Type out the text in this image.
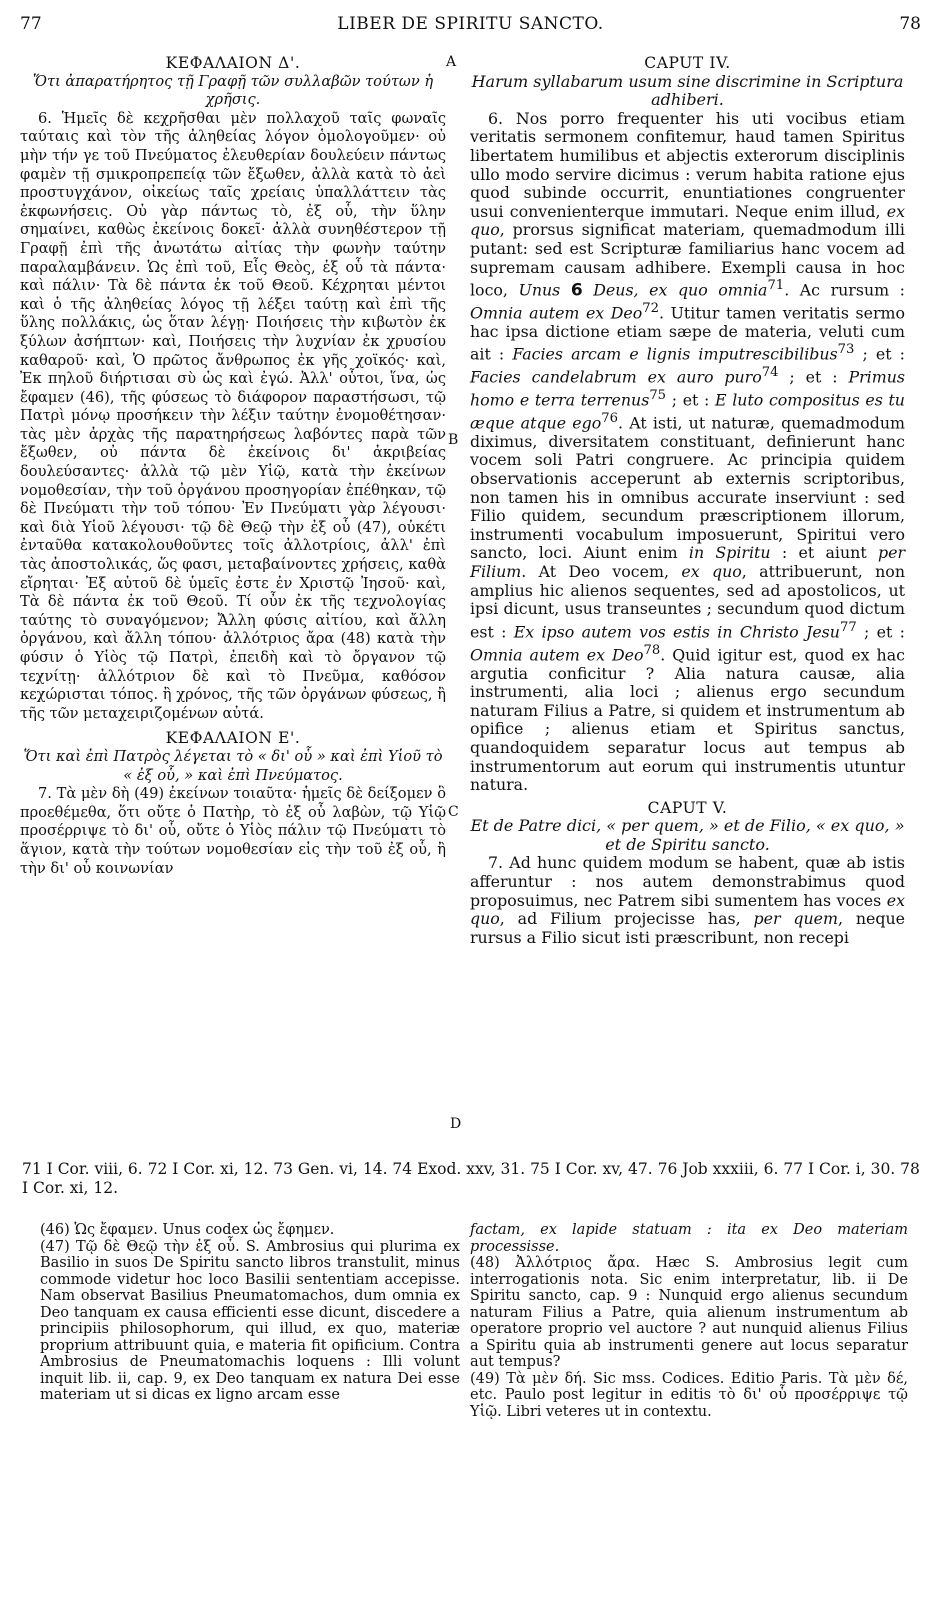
77	LIBER DE SPIRITU SANCTO.	78
A
B
C
D

ΚΕΦΑΛΑΙΟΝ Δ'.

Ὅτι ἀπαρατήρητος τῇ Γραφῇ τῶν συλλαβῶν τούτων ἡ χρῆσις.

6. Ἡμεῖς δὲ κεχρῆσθαι μὲν πολλαχοῦ ταῖς φωναῖς ταύταις καὶ τὸν τῆς ἀληθείας λόγον ὁμολογοῦμεν· οὐ μὴν τήν γε τοῦ Πνεύματος ἐλευθερίαν δουλεύειν πάντως φαμὲν τῇ σμικροπρεπείᾳ τῶν ἔξωθεν, ἀλλὰ κατὰ τὸ ἀεὶ προστυγχάνον, οἰκείως ταῖς χρείαις ὑπαλλάττειν τὰς ἐκφωνήσεις. Οὐ γὰρ πάντως τὸ, ἐξ οὗ, τὴν ὕλην σημαίνει, καθὼς ἐκείνοις δοκεῖ· ἀλλὰ συνηθέστερον τῇ Γραφῇ ἐπὶ τῆς ἀνωτάτω αἰτίας τὴν φωνὴν ταύτην παραλαμβάνειν. Ὡς ἐπὶ τοῦ, Εἷς Θεὸς, ἐξ οὗ τὰ πάντα· καὶ πάλιν· Τὰ δὲ πάντα ἐκ τοῦ Θεοῦ. Κέχρηται μέντοι καὶ ὁ τῆς ἀληθείας λόγος τῇ λέξει ταύτῃ καὶ ἐπὶ τῆς ὕλης πολλάκις, ὡς ὅταν λέγῃ· Ποιήσεις τὴν κιβωτὸν ἐκ ξύλων ἀσήπτων· καὶ, Ποιήσεις τὴν λυχνίαν ἐκ χρυσίου καθαροῦ· καὶ, Ὁ πρῶτος ἄνθρωπος ἐκ γῆς χοϊκός· καὶ, Ἐκ πηλοῦ διήρτισαι σὺ ὡς καὶ ἐγώ. Ἀλλ' οὗτοι, ἵνα, ὡς ἔφαμεν (46), τῆς φύσεως τὸ διάφορον παραστήσωσι, τῷ Πατρὶ μόνῳ προσήκειν τὴν λέξιν ταύτην ἐνομοθέτησαν· τὰς μὲν ἀρχὰς τῆς παρατηρήσεως λαβόντες παρὰ τῶν ἔξωθεν, οὐ πάντα δὲ ἐκείνοις δι' ἀκριβείας δουλεύσαντες· ἀλλὰ τῷ μὲν Υἱῷ, κατὰ τὴν ἐκείνων νομοθεσίαν, τὴν τοῦ ὀργάνου προσηγορίαν ἐπέθηκαν, τῷ δὲ Πνεύματι τὴν τοῦ τόπου· Ἐν Πνεύματι γὰρ λέγουσι· καὶ διὰ Υἱοῦ λέγουσι· τῷ δὲ Θεῷ τὴν ἐξ οὗ (47), οὐκέτι ἐνταῦθα κατακολουθοῦντες τοῖς ἀλλοτρίοις, ἀλλ' ἐπὶ τὰς ἀποστολικάς, ὥς φασι, μεταβαίνοντες χρήσεις, καθὰ εἴρηται· Ἐξ αὐτοῦ δὲ ὑμεῖς ἐστε ἐν Χριστῷ Ἰησοῦ· καὶ, Τὰ δὲ πάντα ἐκ τοῦ Θεοῦ. Τί οὖν ἐκ τῆς τεχνολογίας ταύτης τὸ συναγόμενον; Ἄλλη φύσις αἰτίου, καὶ ἄλλη ὀργάνου, καὶ ἄλλη τόπου· ἀλλότριος ἄρα (48) κατὰ τὴν φύσιν ὁ Υἱὸς τῷ Πατρὶ, ἐπειδὴ καὶ τὸ ὄργανον τῷ τεχνίτῃ· ἀλλότριον δὲ καὶ τὸ Πνεῦμα, καθόσον κεχώρισται τόπος. ἢ χρόνος, τῆς τῶν ὀργάνων φύσεως, ἢ τῆς τῶν μεταχειριζομένων αὐτά.

ΚΕΦΑΛΑΙΟΝ Ε'.

Ὅτι καὶ ἐπὶ Πατρὸς λέγεται τὸ « δι' οὗ » καὶ ἐπὶ Υἱοῦ τὸ « ἐξ οὗ, » καὶ ἐπὶ Πνεύματος.

7. Τὰ μὲν δὴ (49) ἐκείνων τοιαῦτα· ἡμεῖς δὲ δείξομεν ὃ προεθέμεθα, ὅτι οὔτε ὁ Πατὴρ, τὸ ἐξ οὗ λαβὼν, τῷ Υἱῷ προσέρριψε τὸ δι' οὗ, οὔτε ὁ Υἱὸς πάλιν τῷ Πνεύματι τὸ ἅγιον, κατὰ τὴν τούτων νομοθεσίαν εἰς τὴν τοῦ ἐξ οὗ, ἢ τὴν δι' οὗ κοινωνίαν

CAPUT IV.

Harum syllabarum usum sine discrimine in Scriptura adhiberi.

6. Nos porro frequenter his uti vocibus etiam veritatis sermonem confitemur, haud tamen Spiritus libertatem humilibus et abjectis exterorum disciplinis ullo modo servire dicimus : verum habita ratione ejus quod subinde occurrit, enuntiationes congruenter usui convenienterque immutari. Neque enim illud, ex quo, prorsus significat materiam, quemadmodum illi putant: sed est Scripturæ familiarius hanc vocem ad supremam causam adhibere. Exempli causa in hoc loco, Unus 6 Deus, ex quo omnia$^{71}$. Ac rursum : Omnia autem ex Deo$^{72}$. Utitur tamen veritatis sermo hac ipsa dictione etiam sæpe de materia, veluti cum ait : Facies arcam e lignis imputrescibilibus$^{73}$ ; et : Facies candelabrum ex auro puro$^{74}$ ; et : Primus homo e terra terrenus$^{75}$ ; et : E luto compositus es tu æque atque ego$^{76}$. At isti, ut naturæ, quemadmodum diximus, diversitatem constituant, definierunt hanc vocem soli Patri congruere. Ac principia quidem observationis acceperunt ab externis scriptoribus, non tamen his in omnibus accurate inserviunt : sed Filio quidem, secundum præscriptionem illorum, instrumenti vocabulum imposuerunt, Spiritui vero sancto, loci. Aiunt enim in Spiritu : et aiunt per Filium. At Deo vocem, ex quo, attribuerunt, non amplius hic alienos sequentes, sed ad apostolicos, ut ipsi dicunt, usus transeuntes ; secundum quod dictum est : Ex ipso autem vos estis in Christo Jesu$^{77}$ ; et : Omnia autem ex Deo$^{78}$. Quid igitur est, quod ex hac argutia conficitur ? Alia natura causæ, alia instrumenti, alia loci ; alienus ergo secundum naturam Filius a Patre, si quidem et instrumentum ab opifice ; alienus etiam et Spiritus sanctus, quandoquidem separatur locus aut tempus ab instrumentorum aut eorum qui instrumentis utuntur natura.

CAPUT V.

Et de Patre dici, « per quem, » et de Filio, « ex quo, » et de Spiritu sancto.

7. Ad hunc quidem modum se habent, quæ ab istis afferuntur : nos autem demonstrabimus quod proposuimus, nec Patrem sibi sumentem has voces ex quo, ad Filium projecisse has, per quem, neque rursus a Filio sicut isti præscribunt, non recepi

71 I Cor. viii, 6. 72 I Cor. xi, 12. 73 Gen. vi, 14. 74 Exod. xxv, 31. 75 I Cor. xv, 47. 76 Job xxxiii, 6. 77 I Cor. i, 30. 78 I Cor. xi, 12.

(46) Ὡς ἔφαμεν. Unus codex ὡς ἔφημεν.

(47) Τῷ δὲ Θεῷ τὴν ἐξ οὗ. S. Ambrosius qui plurima ex Basilio in suos De Spiritu sancto libros transtulit, minus commode videtur hoc loco Basilii sententiam accepisse. Nam observat Basilius Pneumatomachos, dum omnia ex Deo tanquam ex causa efficienti esse dicunt, discedere a principiis philosophorum, qui illud, ex quo, materiæ proprium attribuunt quia, e materia fit opificium. Contra Ambrosius de Pneumatomachis loquens : Illi volunt inquit lib. ii, cap. 9, ex Deo tanquam ex natura Dei esse materiam ut si dicas ex ligno arcam esse

factam, ex lapide statuam : ita ex Deo materiam processisse.

(48) Ἀλλότριος ἄρα. Hæc S. Ambrosius legit cum interrogationis nota. Sic enim interpretatur, lib. ii De Spiritu sancto, cap. 9 : Nunquid ergo alienus secundum naturam Filius a Patre, quia alienum instrumentum ab operatore proprio vel auctore ? aut nunquid alienus Filius a Spiritu quia ab instrumenti genere aut locus separatur aut tempus?

(49) Τὰ μὲν δή. Sic mss. Codices. Editio Paris. Τὰ μὲν δέ, etc. Paulo post legitur in editis τὸ δι' οὗ προσέρριψε τῷ Υἱῷ. Libri veteres ut in contextu.
